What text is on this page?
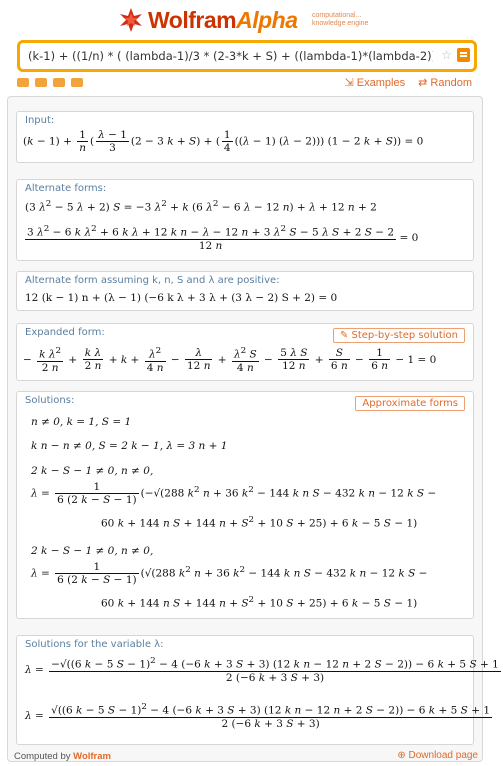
WolframAlpha computational...
knowledge engine
(k-1) + ((1/n) * ( (lambda-1)/3 * (2-3*k + S) + ((lambda-1)*(lambda-2))/4 * (1-2*k+S
☆
⇲ Examples ⇄ Random
Input:
$(k - 1) + \frac{1}{n}$ ( $\frac{\lambda - 1}{3} (2 - 3$ k + S) + ( $\frac{1}{4} ((\lambda - 1) (\lambda - 2))$) (1 − 2 k + S)) = 0
Alternate forms:
(3 $\lambda^2 - 5$ λ + 2) S = −3 $\lambda^2 + k$ (6 $\lambda^2 - 6$ λ − 12 n) + λ + 12 n + 2
3 $\lambda^2 - 6$ k $\lambda^2 + 6$ k λ + 12 k n − λ − 12 n + 3 $\lambda^2$ S − 5 λ S + 2 S − 2
12 n
= 0
Alternate form assuming k, n, S and λ are positive:
12 (k − 1) n + (λ − 1) (−6 k λ + 3 λ + (3 λ − 2) S + 2) = 0
Expanded form:	✎ Step-by-step solution
− $\frac{k \lambda^2}{2 n} + \frac{\text{k λ}}{2 n} + k + \frac{\lambda^2}{4 n} - \frac{\lambda}{12 n} + \frac{\lambda^2 S}{4 n} - \frac{\text{5 λ S}}{12 n} + \frac{S}{6 n} - \frac{1}{6 n} - 1 = 0$
Solutions:	Approximate forms
n ≠ 0, k = 1, S = 1
k n − n ≠ 0, S = 2 k − 1, λ = 3 n + 1
2 k − S − 1 ≠ 0, n ≠ 0,
$\lambda = \frac{1}{6 (2 k - S - 1)} (-√(288$ $k^2$ n + 36 $k^2 - 144$ k n S − 432 k n − 12 k S −
60 k + 144 n S + 144 $n + S^2 + 10$ S + 25) + 6 k − 5 S − 1)
2 k − S − 1 ≠ 0, n ≠ 0,
$\lambda = \frac{1}{6 (2 k - S - 1)} (√(288$ $k^2$ n + 36 $k^2 - 144$ k n S − 432 k n − 12 k S −
60 k + 144 n S + 144 $n + S^2 + 10$ S + 25) + 6 k − 5 S − 1)
Solutions for the variable λ:
λ = −√((6 k − 5 S − 1)$^2$ − 4 (−6 k + 3 S + 3) (12 k n − 12 n + 2 S − 2)) − 6 k + 5 S + 1
2 (−6 k + 3 S + 3)
λ = √((6 k − 5 S − 1)$^2$ − 4 (−6 k + 3 S + 3) (12 k n − 12 n + 2 S − 2)) − 6 k + 5 S + 1
2 (−6 k + 3 S + 3)
Computed by Wolfram	⊕ Download page
